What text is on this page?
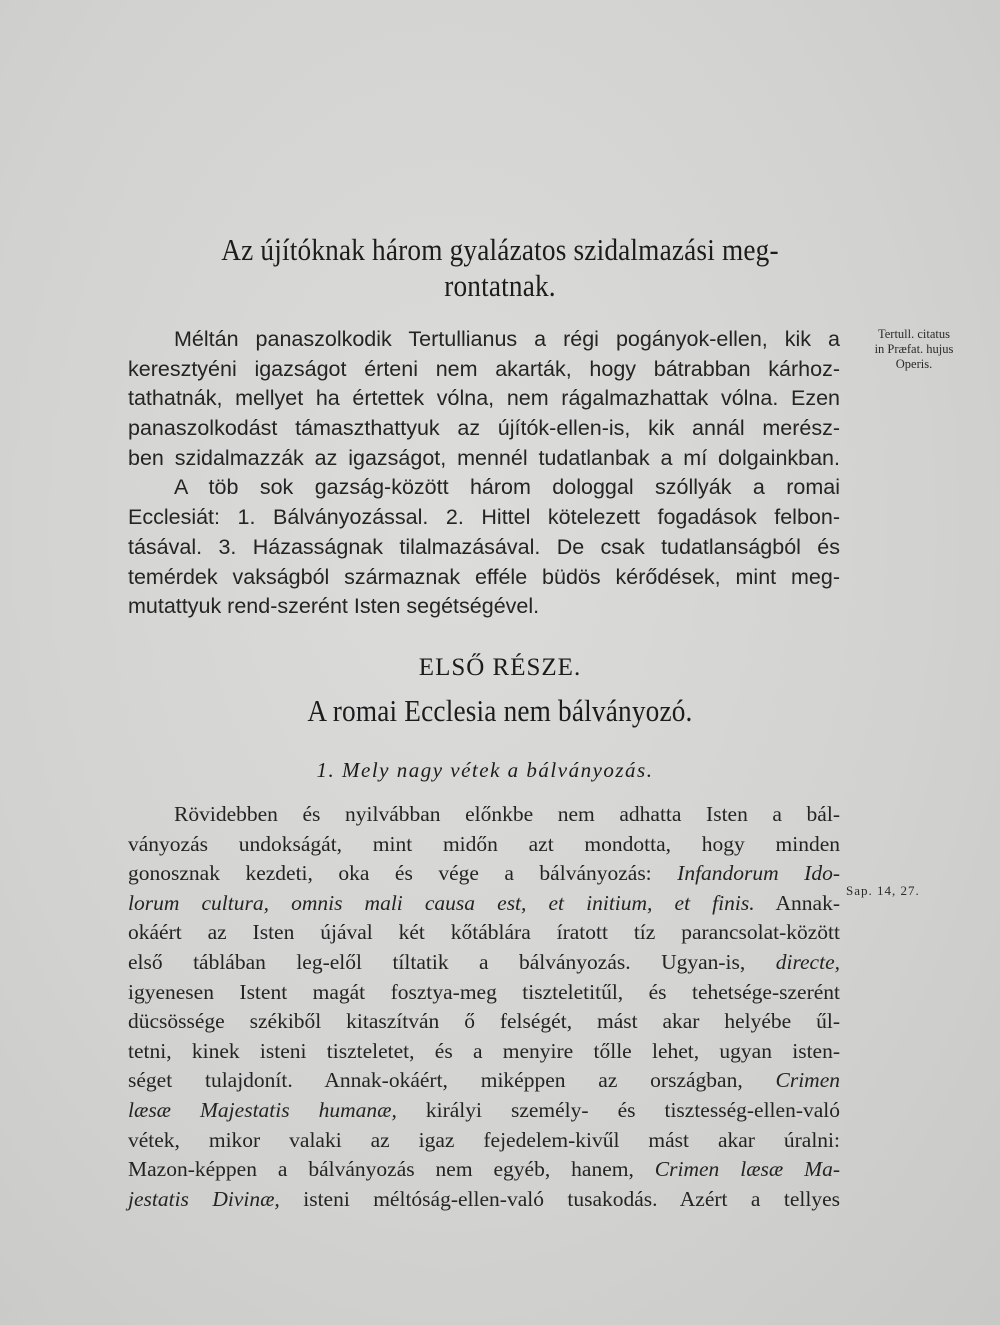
Az újítóknak három gyalázatos szidalmazási meg-
rontatnak.
Méltán panaszolkodik Tertullianus a régi pogányok-ellen, kik a
keresztyéni igazságot érteni nem akarták, hogy bátrabban kárhoz-
tathatnák, mellyet ha értettek vólna, nem rágalmazhattak vólna. Ezen
panaszolkodást támaszthattyuk az újítók-ellen-is, kik annál merész-
ben szidalmazzák az igazságot, mennél tudatlanbak a mí dolgainkban.
A töb sok gazság-között három dologgal szóllyák a romai
Ecclesiát: 1. Bálványozással. 2. Hittel kötelezett fogadások felbon-
tásával. 3. Házasságnak tilalmazásával. De csak tudatlanságból és
temérdek vakságból származnak efféle büdös kérődések, mint meg-
mutattyuk rend-szerént Isten segétségével.
Tertull. citatus
in Præfat. hujus
Operis.
ELSŐ RÉSZE.
A romai Ecclesia nem bálványozó.
1. Mely nagy vétek a bálványozás.
Rövidebben és nyilvábban előnkbe nem adhatta Isten a bál-
ványozás undokságát, mint midőn azt mondotta, hogy minden
gonosznak kezdeti, oka és vége a bálványozás: Infandorum Ido-
lorum cultura, omnis mali causa est, et initium, et finis. Annak-
okáért az Isten újával két kőtáblára íratott tíz parancsolat-között
első táblában leg-elől tíltatik a bálványozás. Ugyan-is, directe,
igyenesen Istent magát fosztya-meg tiszteletitűl, és tehetsége-szerént
dücsössége székiből kitaszítván ő felségét, mást akar helyébe űl-
tetni, kinek isteni tiszteletet, és a menyire tőlle lehet, ugyan isten-
séget tulajdonít. Annak-okáért, miképpen az országban, Crimen
læsæ Majestatis humanæ, királyi személy- és tisztesség-ellen-való
vétek, mikor valaki az igaz fejedelem-kivűl mást akar úralni:
Mazon-képpen a bálványozás nem egyéb, hanem, Crimen læsæ Ma-
jestatis Divinæ, isteni méltóság-ellen-való tusakodás. Azért a tellyes
Sap. 14, 27.
